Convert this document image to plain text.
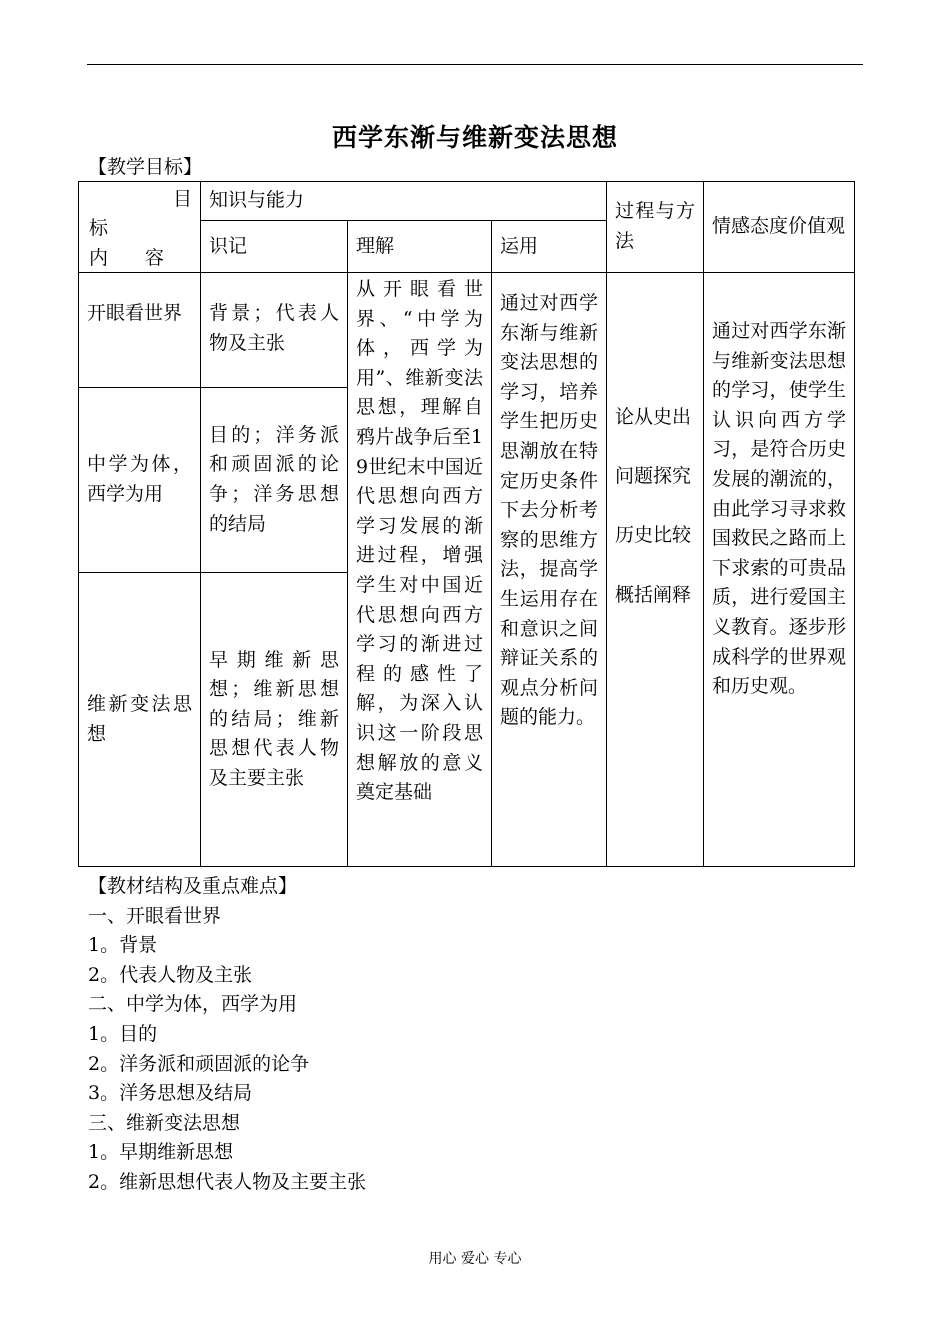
西学东渐与维新变法思想
【教学目标】
目
标
内 容	知识与能力			过程与方法	情感态度价值观
	识记	理解	运用		
开眼看世界	背景；代表人物及主张	从开眼看世界、“中学为体，西学为用”、维新变法思想，理解自鸦片战争后至19世纪末中国近代思想向西方学习发展的渐进过程，增强学生对中国近代思想向西方学习的渐进过程的感性了解，为深入认识这一阶段思想解放的意义奠定基础	通过对西学东渐与维新变法思想的学习，培养学生把历史思潮放在特定历史条件下去分析考察的思维方法，提高学生运用存在和意识之间辩证关系的观点分析问题的能力。	论从史出
问题探究
历史比较
概括阐释	通过对西学东渐与维新变法思想的学习，使学生认识向西方学习，是符合历史发展的潮流的，由此学习寻求救国救民之路而上下求索的可贵品质，进行爱国主义教育。逐步形成科学的世界观和历史观。
中学为体，西学为用	目的；洋务派和顽固派的论争；洋务思想的结局				
维新变法思想	早期维新思想；维新思想的结局；维新思想代表人物及主要主张				
【教材结构及重点难点】
一、开眼看世界
1。背景
2。代表人物及主张
二、中学为体，西学为用
1。目的
2。洋务派和顽固派的论争
3。洋务思想及结局
三、维新变法思想
1。早期维新思想
2。维新思想代表人物及主要主张
用心 爱心 专心
